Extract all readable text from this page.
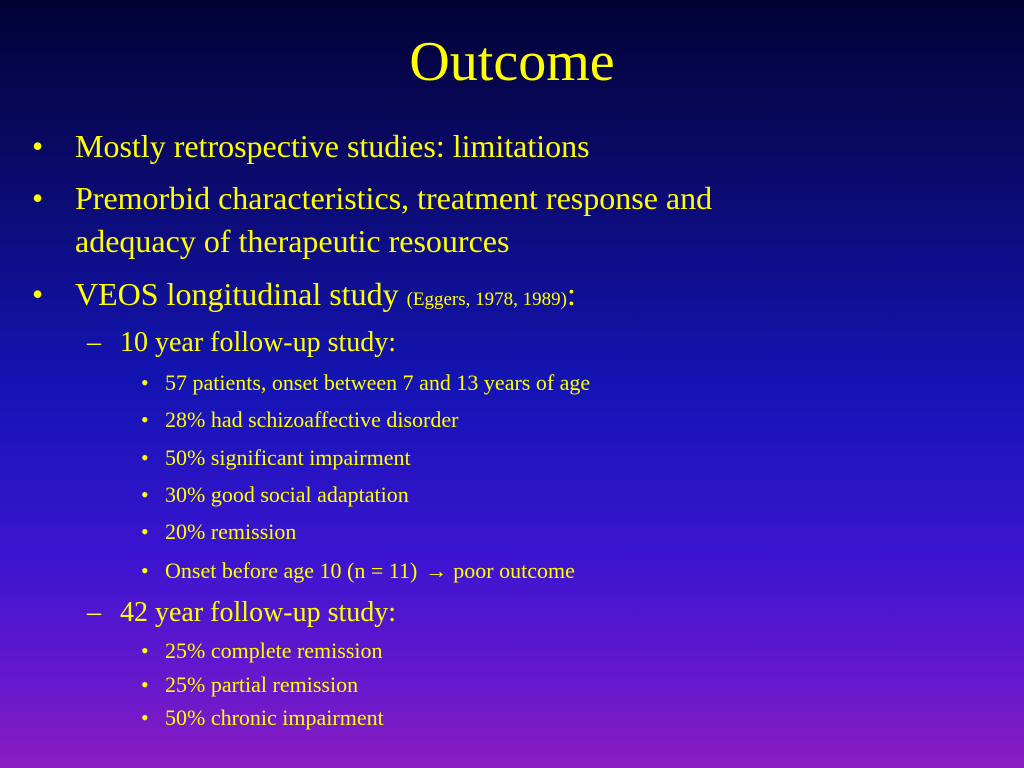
Outcome
• Mostly retrospective studies: limitations
• Premorbid characteristics, treatment response and
adequacy of therapeutic resources
• VEOS longitudinal study (Eggers, 1978, 1989):
– 10 year follow-up study:
• 57 patients, onset between 7 and 13 years of age
• 28% had schizoaffective disorder
• 50% significant impairment
• 30% good social adaptation
• 20% remission
• Onset before age 10 (n = 11) → poor outcome
– 42 year follow-up study:
• 25% complete remission
• 25% partial remission
• 50% chronic impairment
